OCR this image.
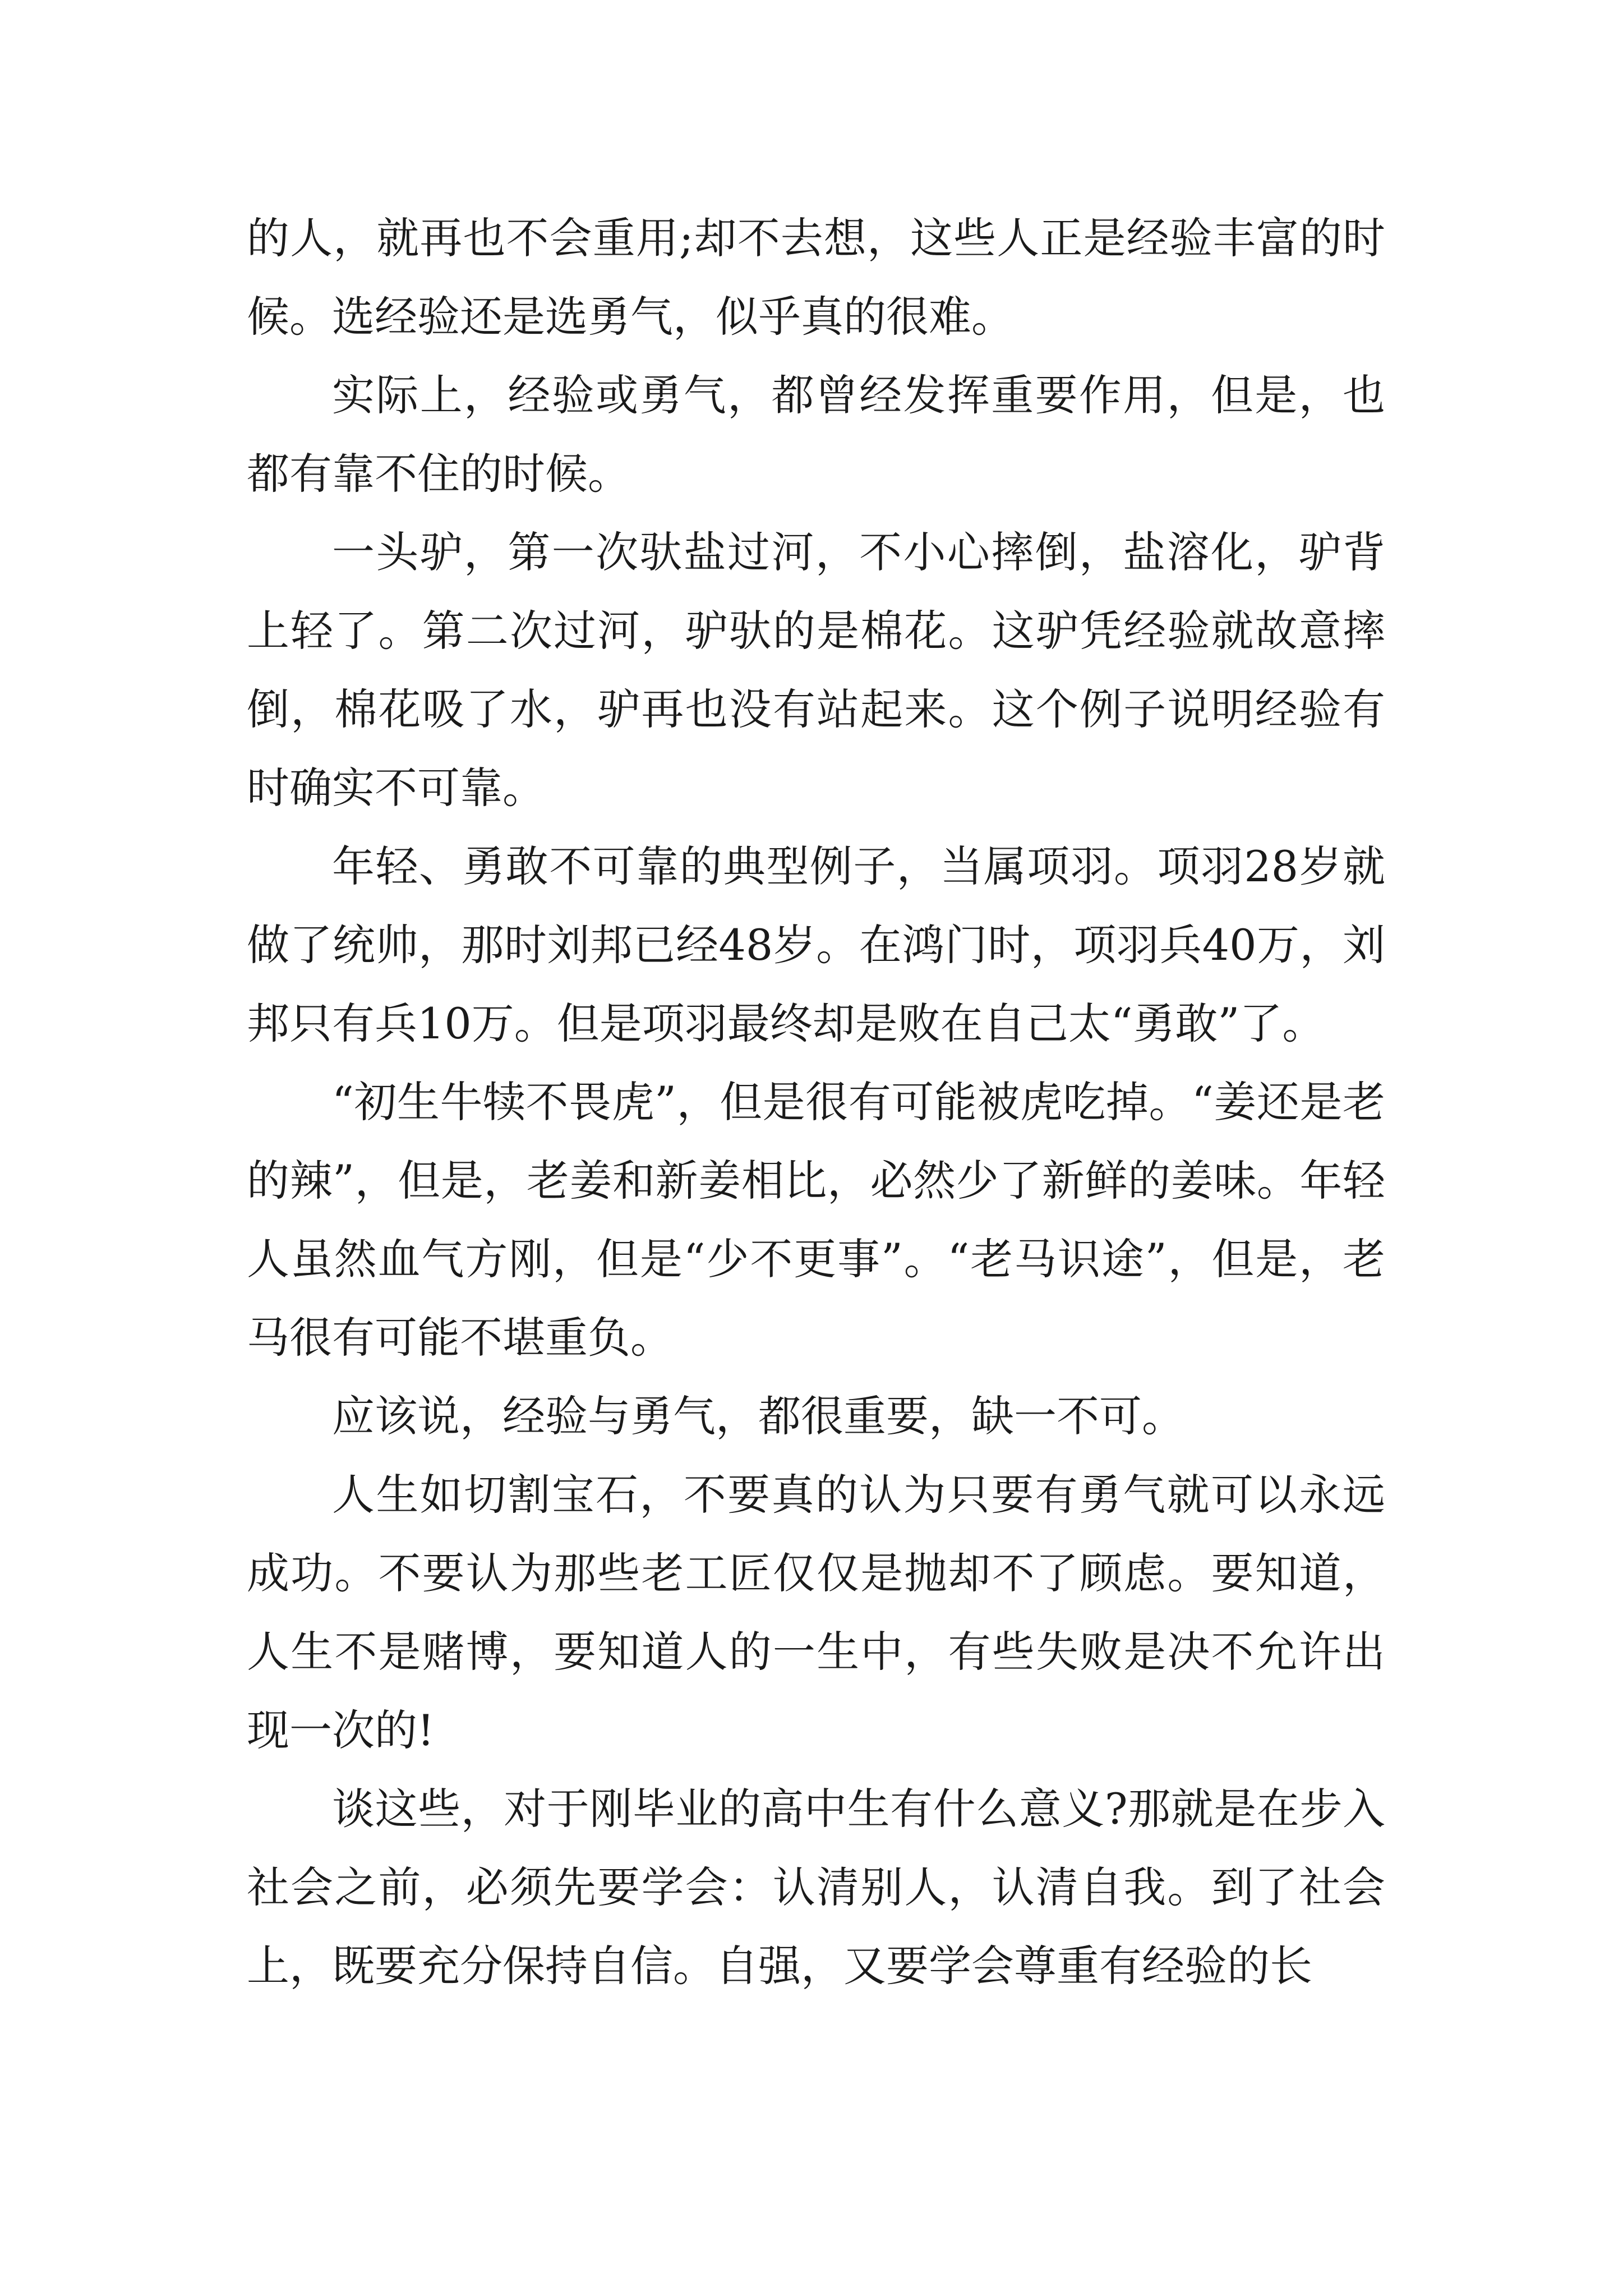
的人，就再也不会重用;却不去想，这些人正是经验丰富的时候。选经验还是选勇气，似乎真的很难。

实际上，经验或勇气，都曾经发挥重要作用，但是，也都有靠不住的时候。

一头驴，第一次驮盐过河，不小心摔倒，盐溶化，驴背上轻了。第二次过河，驴驮的是棉花。这驴凭经验就故意摔倒，棉花吸了水，驴再也没有站起来。这个例子说明经验有时确实不可靠。

年轻、勇敢不可靠的典型例子，当属项羽。项羽28岁就做了统帅，那时刘邦已经48岁。在鸿门时，项羽兵40万，刘邦只有兵10万。但是项羽最终却是败在自己太“勇敢”了。

“初生牛犊不畏虎”，但是很有可能被虎吃掉。“姜还是老的辣”，但是，老姜和新姜相比，必然少了新鲜的姜味。年轻人虽然血气方刚，但是“少不更事”。“老马识途”，但是，老马很有可能不堪重负。

应该说，经验与勇气，都很重要，缺一不可。

人生如切割宝石，不要真的认为只要有勇气就可以永远成功。不要认为那些老工匠仅仅是抛却不了顾虑。要知道，人生不是赌博，要知道人的一生中，有些失败是决不允许出现一次的!

谈这些，对于刚毕业的高中生有什么意义?那就是在步入社会之前，必须先要学会：认清别人，认清自我。到了社会上，既要充分保持自信。自强，又要学会尊重有经验的长
